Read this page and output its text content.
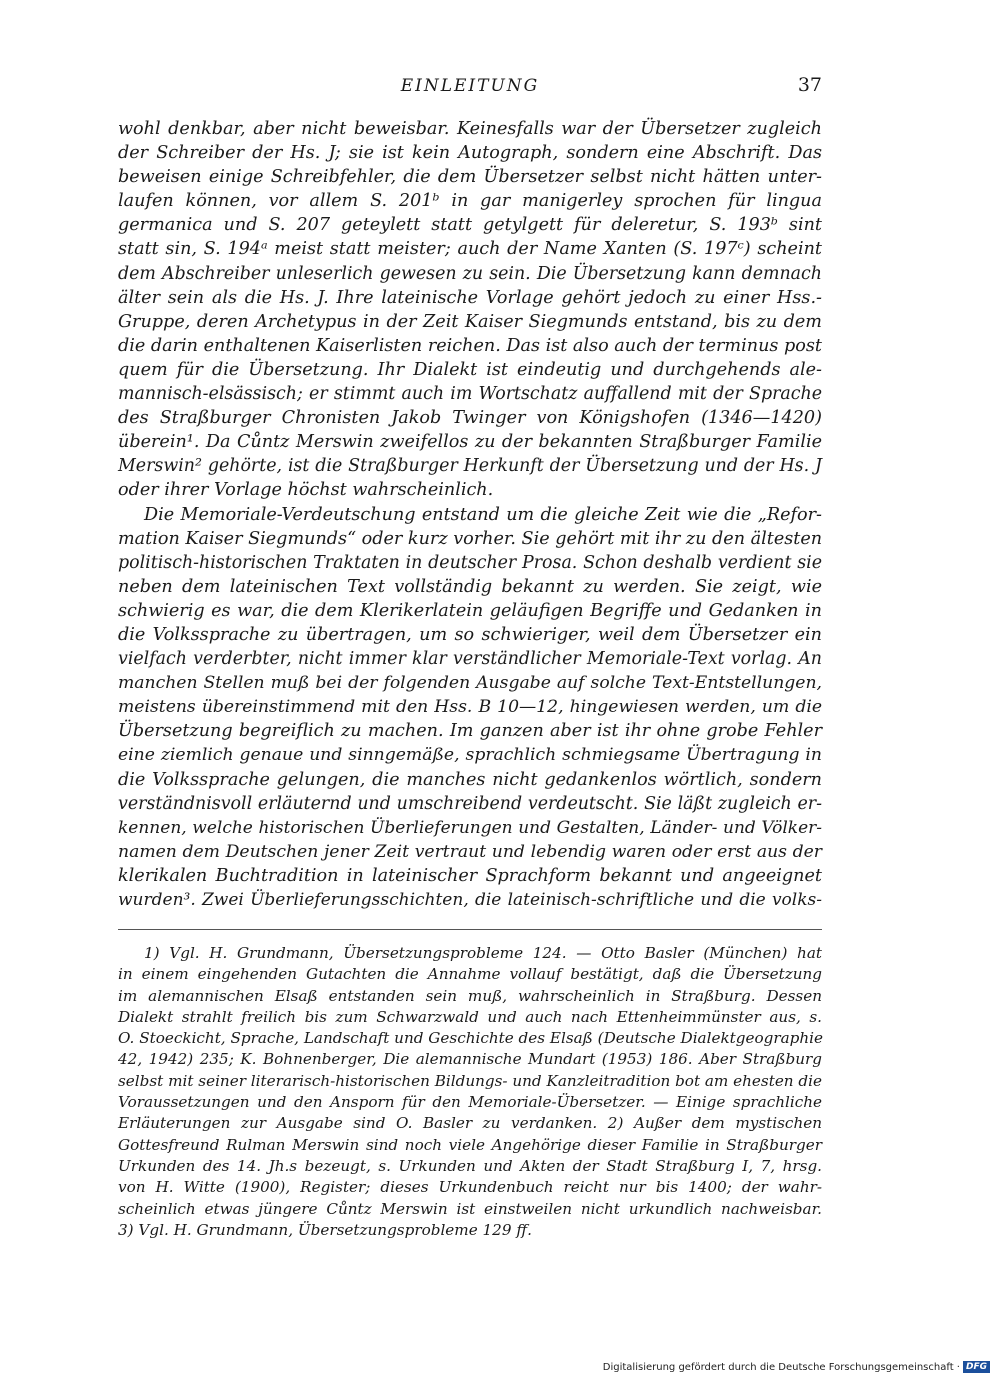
EINLEITUNG	37
wohl denkbar, aber nicht beweisbar. Keinesfalls war der Übersetzer zugleich
der Schreiber der Hs. J; sie ist kein Autograph, sondern eine Abschrift. Das
beweisen einige Schreibfehler, die dem Übersetzer selbst nicht hätten unter-
laufen können, vor allem S. 201ᵇ in gar manigerley sprochen für lingua
germanica und S. 207 geteylett statt getylgett für deleretur, S. 193ᵇ sint
statt sin, S. 194ᵃ meist statt meister; auch der Name Xanten (S. 197ᶜ) scheint
dem Abschreiber unleserlich gewesen zu sein. Die Übersetzung kann demnach
älter sein als die Hs. J. Ihre lateinische Vorlage gehört jedoch zu einer Hss.-
Gruppe, deren Archetypus in der Zeit Kaiser Siegmunds entstand, bis zu dem
die darin enthaltenen Kaiserlisten reichen. Das ist also auch der terminus post
quem für die Übersetzung. Ihr Dialekt ist eindeutig und durchgehends ale-
mannisch-elsässisch; er stimmt auch im Wortschatz auffallend mit der Sprache
des Straßburger Chronisten Jakob Twinger von Königshofen (1346—1420)
überein¹. Da Cůntz Merswin zweifellos zu der bekannten Straßburger Familie
Merswin² gehörte, ist die Straßburger Herkunft der Übersetzung und der Hs. J
oder ihrer Vorlage höchst wahrscheinlich.
Die Memoriale-Verdeutschung entstand um die gleiche Zeit wie die „Refor-
mation Kaiser Siegmunds“ oder kurz vorher. Sie gehört mit ihr zu den ältesten
politisch-historischen Traktaten in deutscher Prosa. Schon deshalb verdient sie
neben dem lateinischen Text vollständig bekannt zu werden. Sie zeigt, wie
schwierig es war, die dem Klerikerlatein geläufigen Begriffe und Gedanken in
die Volkssprache zu übertragen, um so schwieriger, weil dem Übersetzer ein
vielfach verderbter, nicht immer klar verständlicher Memoriale-Text vorlag. An
manchen Stellen muß bei der folgenden Ausgabe auf solche Text-Entstellungen,
meistens übereinstimmend mit den Hss. B 10—12, hingewiesen werden, um die
Übersetzung begreiflich zu machen. Im ganzen aber ist ihr ohne grobe Fehler
eine ziemlich genaue und sinngemäße, sprachlich schmiegsame Übertragung in
die Volkssprache gelungen, die manches nicht gedankenlos wörtlich, sondern
verständnisvoll erläuternd und umschreibend verdeutscht. Sie läßt zugleich er-
kennen, welche historischen Überlieferungen und Gestalten, Länder- und Völker-
namen dem Deutschen jener Zeit vertraut und lebendig waren oder erst aus der
klerikalen Buchtradition in lateinischer Sprachform bekannt und angeeignet
wurden³. Zwei Überlieferungsschichten, die lateinisch-schriftliche und die volks-
1) Vgl. H. Grundmann, Übersetzungsprobleme 124. — Otto Basler (München) hat
in einem eingehenden Gutachten die Annahme vollauf bestätigt, daß die Übersetzung
im alemannischen Elsaß entstanden sein muß, wahrscheinlich in Straßburg. Dessen
Dialekt strahlt freilich bis zum Schwarzwald und auch nach Ettenheimmünster aus, s.
O. Stoeckicht, Sprache, Landschaft und Geschichte des Elsaß (Deutsche Dialektgeographie
42, 1942) 235; K. Bohnenberger, Die alemannische Mundart (1953) 186. Aber Straßburg
selbst mit seiner literarisch-historischen Bildungs- und Kanzleitradition bot am ehesten die
Voraussetzungen und den Ansporn für den Memoriale-Übersetzer. — Einige sprachliche
Erläuterungen zur Ausgabe sind O. Basler zu verdanken. 2) Außer dem mystischen
Gottesfreund Rulman Merswin sind noch viele Angehörige dieser Familie in Straßburger
Urkunden des 14. Jh.s bezeugt, s. Urkunden und Akten der Stadt Straßburg I, 7, hrsg.
von H. Witte (1900), Register; dieses Urkundenbuch reicht nur bis 1400; der wahr-
scheinlich etwas jüngere Cůntz Merswin ist einstweilen nicht urkundlich nachweisbar.
3) Vgl. H. Grundmann, Übersetzungsprobleme 129 ff.
Digitalisierung gefördert durch die Deutsche Forschungsgemeinschaft · DFG
